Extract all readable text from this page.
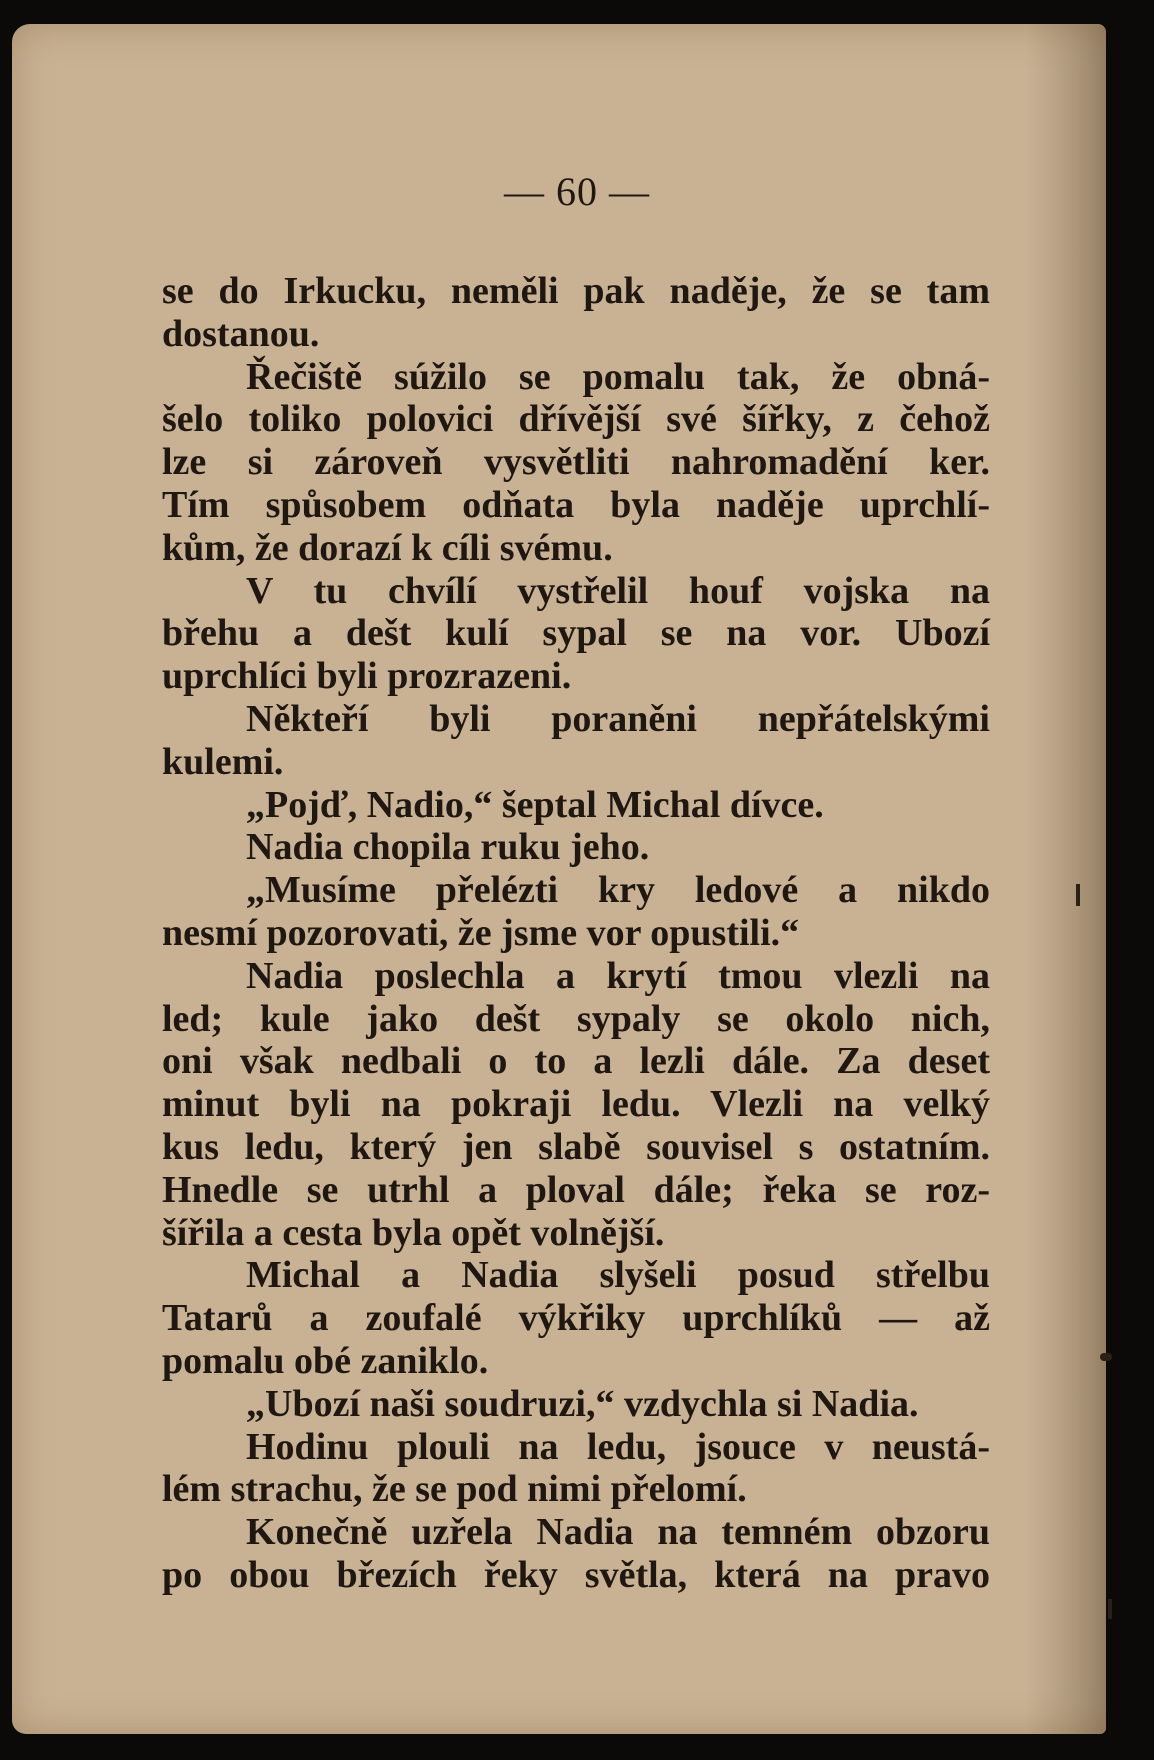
— 60 —
se do Irkucku, neměli pak naděje, že se tam
dostanou.
Řečiště súžilo se pomalu tak, že obná-
šelo toliko polovici dřívější své šířky, z čehož
lze si zároveň vysvětliti nahromadění ker.
Tím spůsobem odňata byla naděje uprchlí-
kům, že dorazí k cíli svému.
V tu chvílí vystřelil houf vojska na
břehu a dešt kulí sypal se na vor. Ubozí
uprchlíci byli prozrazeni.
Někteří byli poraněni nepřátelskými
kulemi.
„Pojď, Nadio,“ šeptal Michal dívce.
Nadia chopila ruku jeho.
„Musíme přelézti kry ledové a nikdo
nesmí pozorovati, že jsme vor opustili.“
Nadia poslechla a krytí tmou vlezli na
led; kule jako dešt sypaly se okolo nich,
oni však nedbali o to a lezli dále. Za deset
minut byli na pokraji ledu. Vlezli na velký
kus ledu, který jen slabě souvisel s ostatním.
Hnedle se utrhl a ploval dále; řeka se roz-
šířila a cesta byla opět volnější.
Michal a Nadia slyšeli posud střelbu
Tatarů a zoufalé výkřiky uprchlíků — až
pomalu obé zaniklo.
„Ubozí naši soudruzi,“ vzdychla si Nadia.
Hodinu plouli na ledu, jsouce v neustá-
lém strachu, že se pod nimi přelomí.
Konečně uzřela Nadia na temném obzoru
po obou březích řeky světla, která na pravo
